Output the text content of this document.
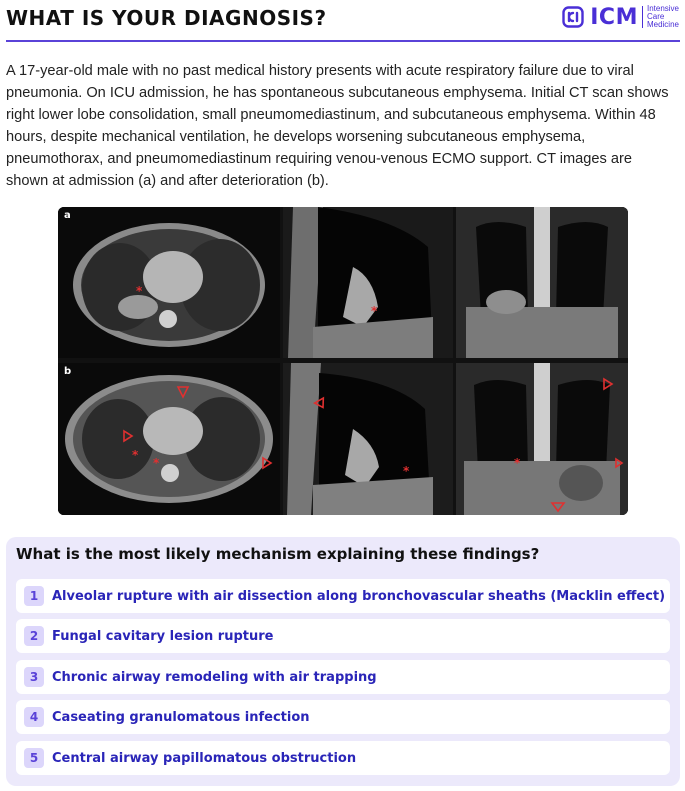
WHAT IS YOUR DIAGNOSIS?	ICM Intensive
Care
Medicine
A 17-year-old male with no past medical history presents with acute respiratory failure due to viral pneumonia. On ICU admission, he has spontaneous subcutaneous emphysema. Initial CT scan shows right lower lobe consolidation, small pneumomediastinum, and subcutaneous emphysema. Within 48 hours, despite mechanical ventilation, he develops worsening subcutaneous emphysema, pneumothorax, and pneumomediastinum requiring venou-venous ECMO support. CT images are shown at admission (a) and after deterioration (b).
*
a
*
*
*
b
*
*
What is the most likely mechanism explaining these findings?
1	Alveolar rupture with air dissection along bronchovascular sheaths (Macklin effect)
2	Fungal cavitary lesion rupture
3	Chronic airway remodeling with air trapping
4	Caseating granulomatous infection
5	Central airway papillomatous obstruction
